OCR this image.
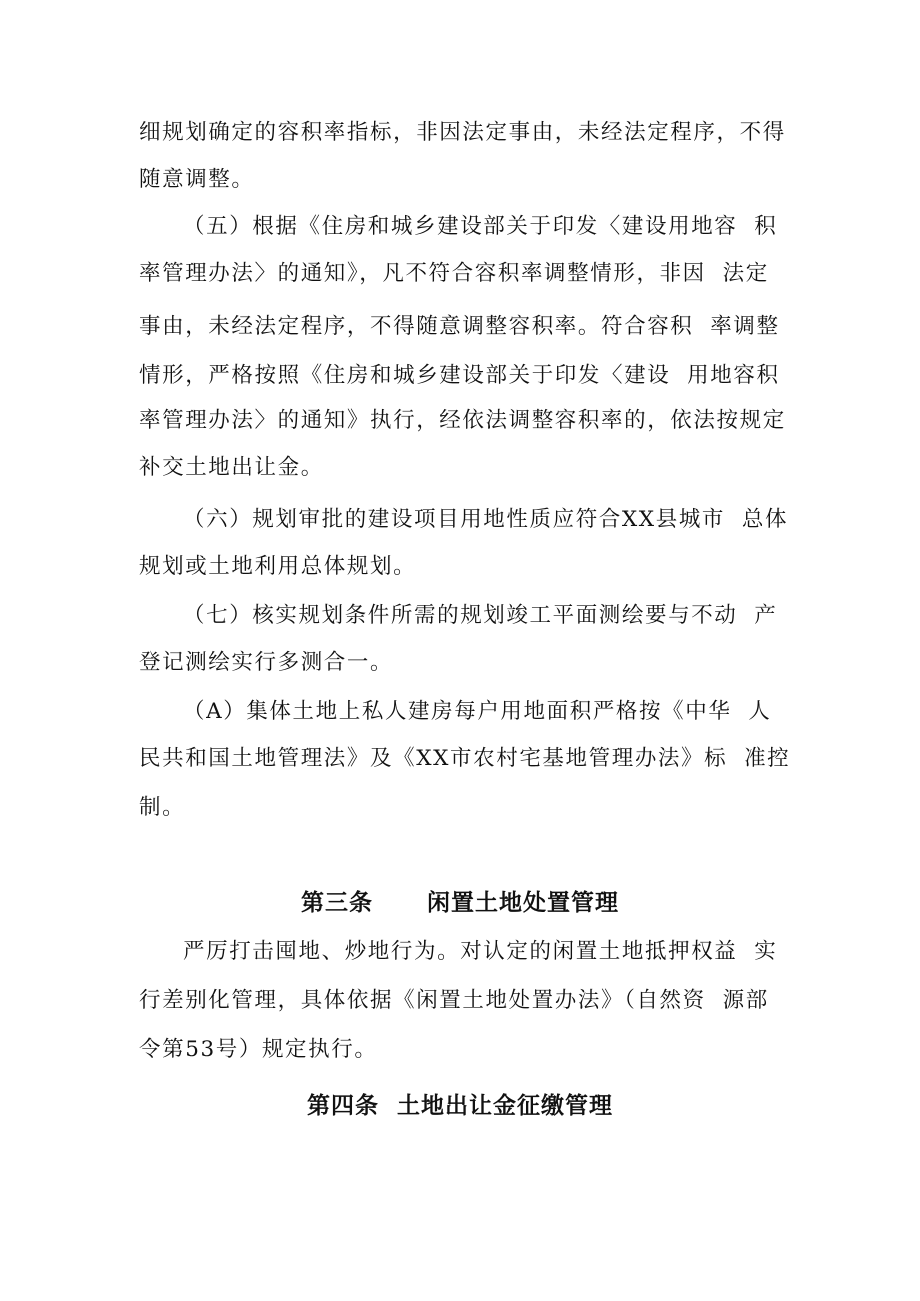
细规划确定的容积率指标，非因法定事由，未经法定程序，不得
随意调整。
（五）根据《住房和城乡建设部关于印发〈建设用地容  积
率管理办法〉的通知》，凡不符合容积率调整情形，非因  法定
事由，未经法定程序，不得随意调整容积率。符合容积  率调整
情形，严格按照《住房和城乡建设部关于印发〈建设  用地容积
率管理办法〉的通知》执行，经依法调整容积率的，依法按规定
补交土地出让金。
（六）规划审批的建设项目用地性质应符合XX县城市  总体
规划或土地利用总体规划。
（七）核实规划条件所需的规划竣工平面测绘要与不动  产
登记测绘实行多测合一。
（A）集体土地上私人建房每户用地面积严格按《中华  人
民共和国土地管理法》及《XX市农村宅基地管理办法》标  准控
制。
第三条      闲置土地处置管理
严厉打击囤地、炒地行为。对认定的闲置土地抵押权益  实
行差别化管理，具体依据《闲置土地处置办法》（自然资  源部
令第53号）规定执行。
第四条  土地出让金征缴管理
